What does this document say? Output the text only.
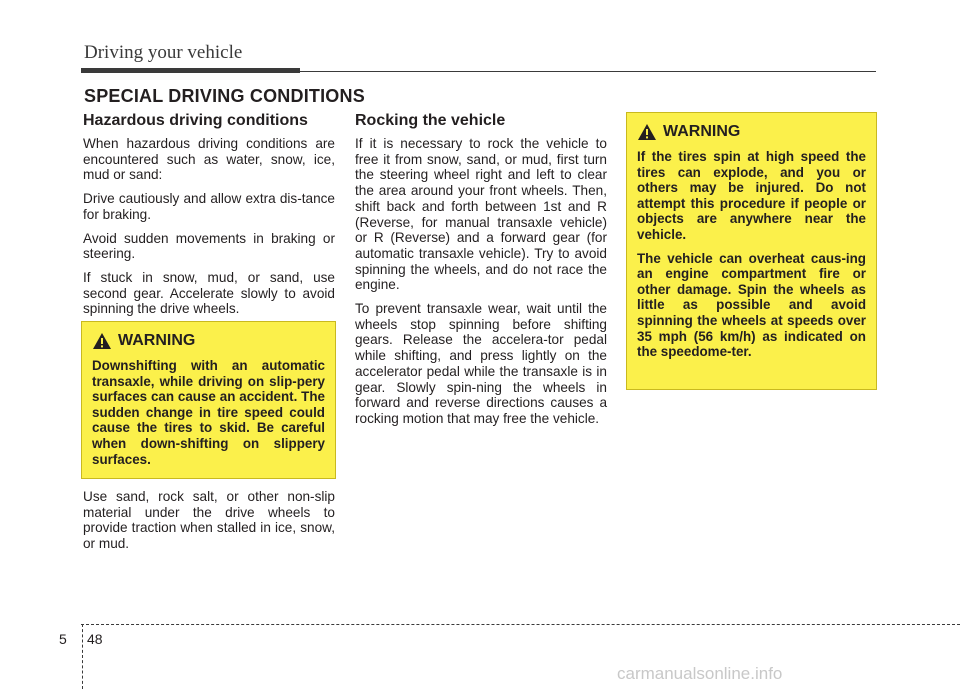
Driving your vehicle
SPECIAL DRIVING CONDITIONS
Hazardous driving conditions

When hazardous driving conditions are encountered such as water, snow, ice, mud or sand:

Drive cautiously and allow extra dis-tance for braking.

Avoid sudden movements in braking or steering.

If stuck in snow, mud, or sand, use second gear. Accelerate slowly to avoid spinning the drive wheels.

WARNING

Downshifting with an automatic transaxle, while driving on slip-pery surfaces can cause an accident. The sudden change in tire speed could cause the tires to skid. Be careful when down-shifting on slippery surfaces.

Use sand, rock salt, or other non-slip material under the drive wheels to provide traction when stalled in ice, snow, or mud.

Rocking the vehicle

If it is necessary to rock the vehicle to free it from snow, sand, or mud, first turn the steering wheel right and left to clear the area around your front wheels. Then, shift back and forth between 1st and R (Reverse, for manual transaxle vehicle) or R (Reverse) and a forward gear (for automatic transaxle vehicle). Try to avoid spinning the wheels, and do not race the engine.

To prevent transaxle wear, wait until the wheels stop spinning before shifting gears. Release the accelera-tor pedal while shifting, and press lightly on the accelerator pedal while the transaxle is in gear. Slowly spin-ning the wheels in forward and reverse directions causes a rocking motion that may free the vehicle.

WARNING

If the tires spin at high speed the tires can explode, and you or others may be injured. Do not attempt this procedure if people or objects are anywhere near the vehicle.

The vehicle can overheat caus-ing an engine compartment fire or other damage. Spin the wheels as little as possible and avoid spinning the wheels at speeds over 35 mph (56 km/h) as indicated on the speedome-ter.

5 48
carmanualsonline.info
